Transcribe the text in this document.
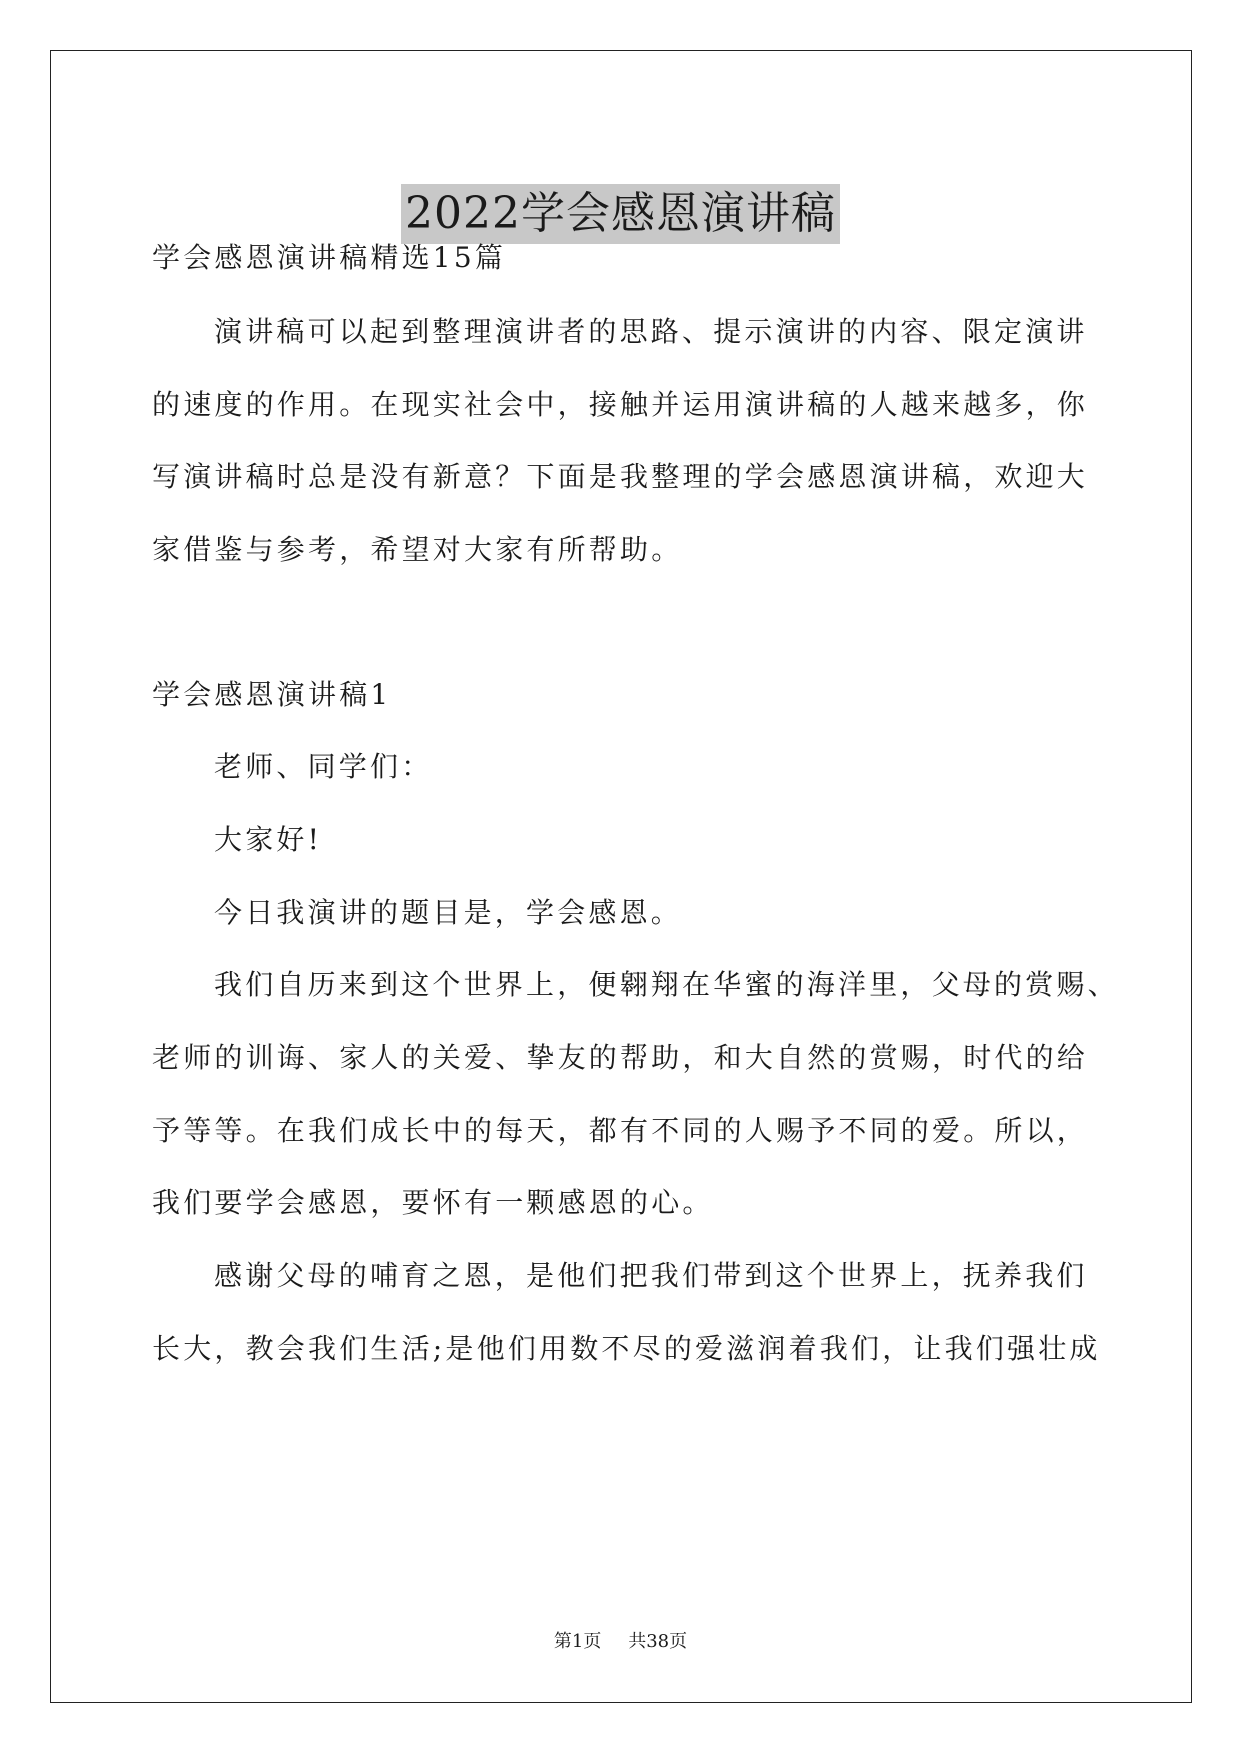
2022学会感恩演讲稿
学会感恩演讲稿精选15篇
演讲稿可以起到整理演讲者的思路、提示演讲的内容、限定演讲
的速度的作用。在现实社会中，接触并运用演讲稿的人越来越多，你
写演讲稿时总是没有新意？下面是我整理的学会感恩演讲稿，欢迎大
家借鉴与参考，希望对大家有所帮助。
学会感恩演讲稿1
老师、同学们：
大家好!
今日我演讲的题目是，学会感恩。
我们自历来到这个世界上，便翱翔在华蜜的海洋里，父母的赏赐、
老师的训诲、家人的关爱、挚友的帮助，和大自然的赏赐，时代的给
予等等。在我们成长中的每天，都有不同的人赐予不同的爱。所以，
我们要学会感恩，要怀有一颗感恩的心。
感谢父母的哺育之恩，是他们把我们带到这个世界上，抚养我们
长大，教会我们生活;是他们用数不尽的爱滋润着我们，让我们强壮成
第1页 共38页
